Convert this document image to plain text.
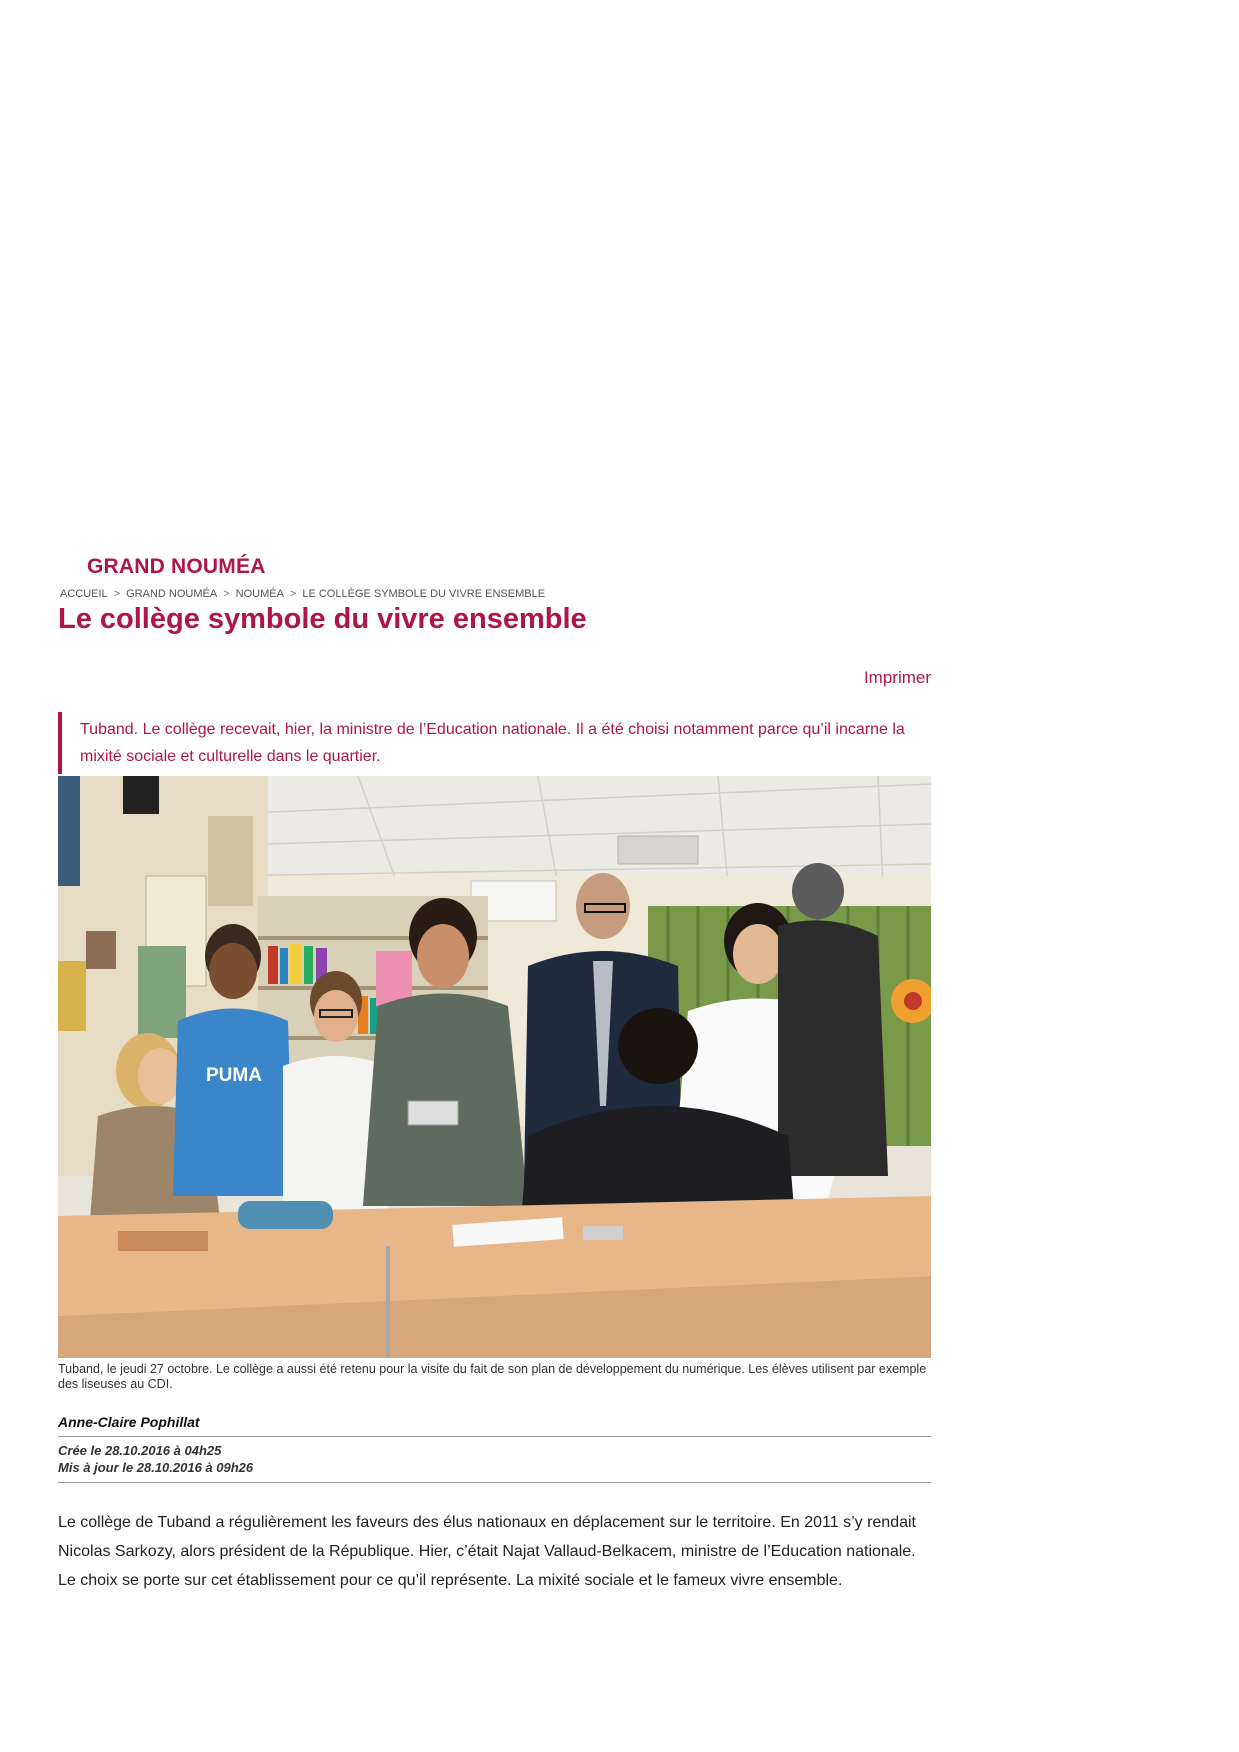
GRAND NOUMÉA
ACCUEIL > GRAND NOUMÉA > NOUMÉA > LE COLLÈGE SYMBOLE DU VIVRE ENSEMBLE
Le collège symbole du vivre ensemble
Imprimer

Tuband. Le collège recevait, hier, la ministre de l’Education nationale. Il a été choisi notamment parce qu’il incarne la mixité sociale et culturelle dans le quartier.

PUMA

Tuband, le jeudi 27 octobre. Le collège a aussi été retenu pour la visite du fait de son plan de développement du numérique. Les élèves utilisent par exemple des liseuses au CDI.

Anne-Claire Pophillat
Crée le 28.10.2016 à 04h25
Mis à jour le 28.10.2016 à 09h26

Le collège de Tuband a régulièrement les faveurs des élus nationaux en déplacement sur le territoire. En 2011 s’y rendait Nicolas Sarkozy, alors président de la République. Hier, c’était Najat Vallaud-Belkacem, ministre de l’Education nationale. Le choix se porte sur cet établissement pour ce qu’il représente. La mixité sociale et le fameux vivre ensemble.
